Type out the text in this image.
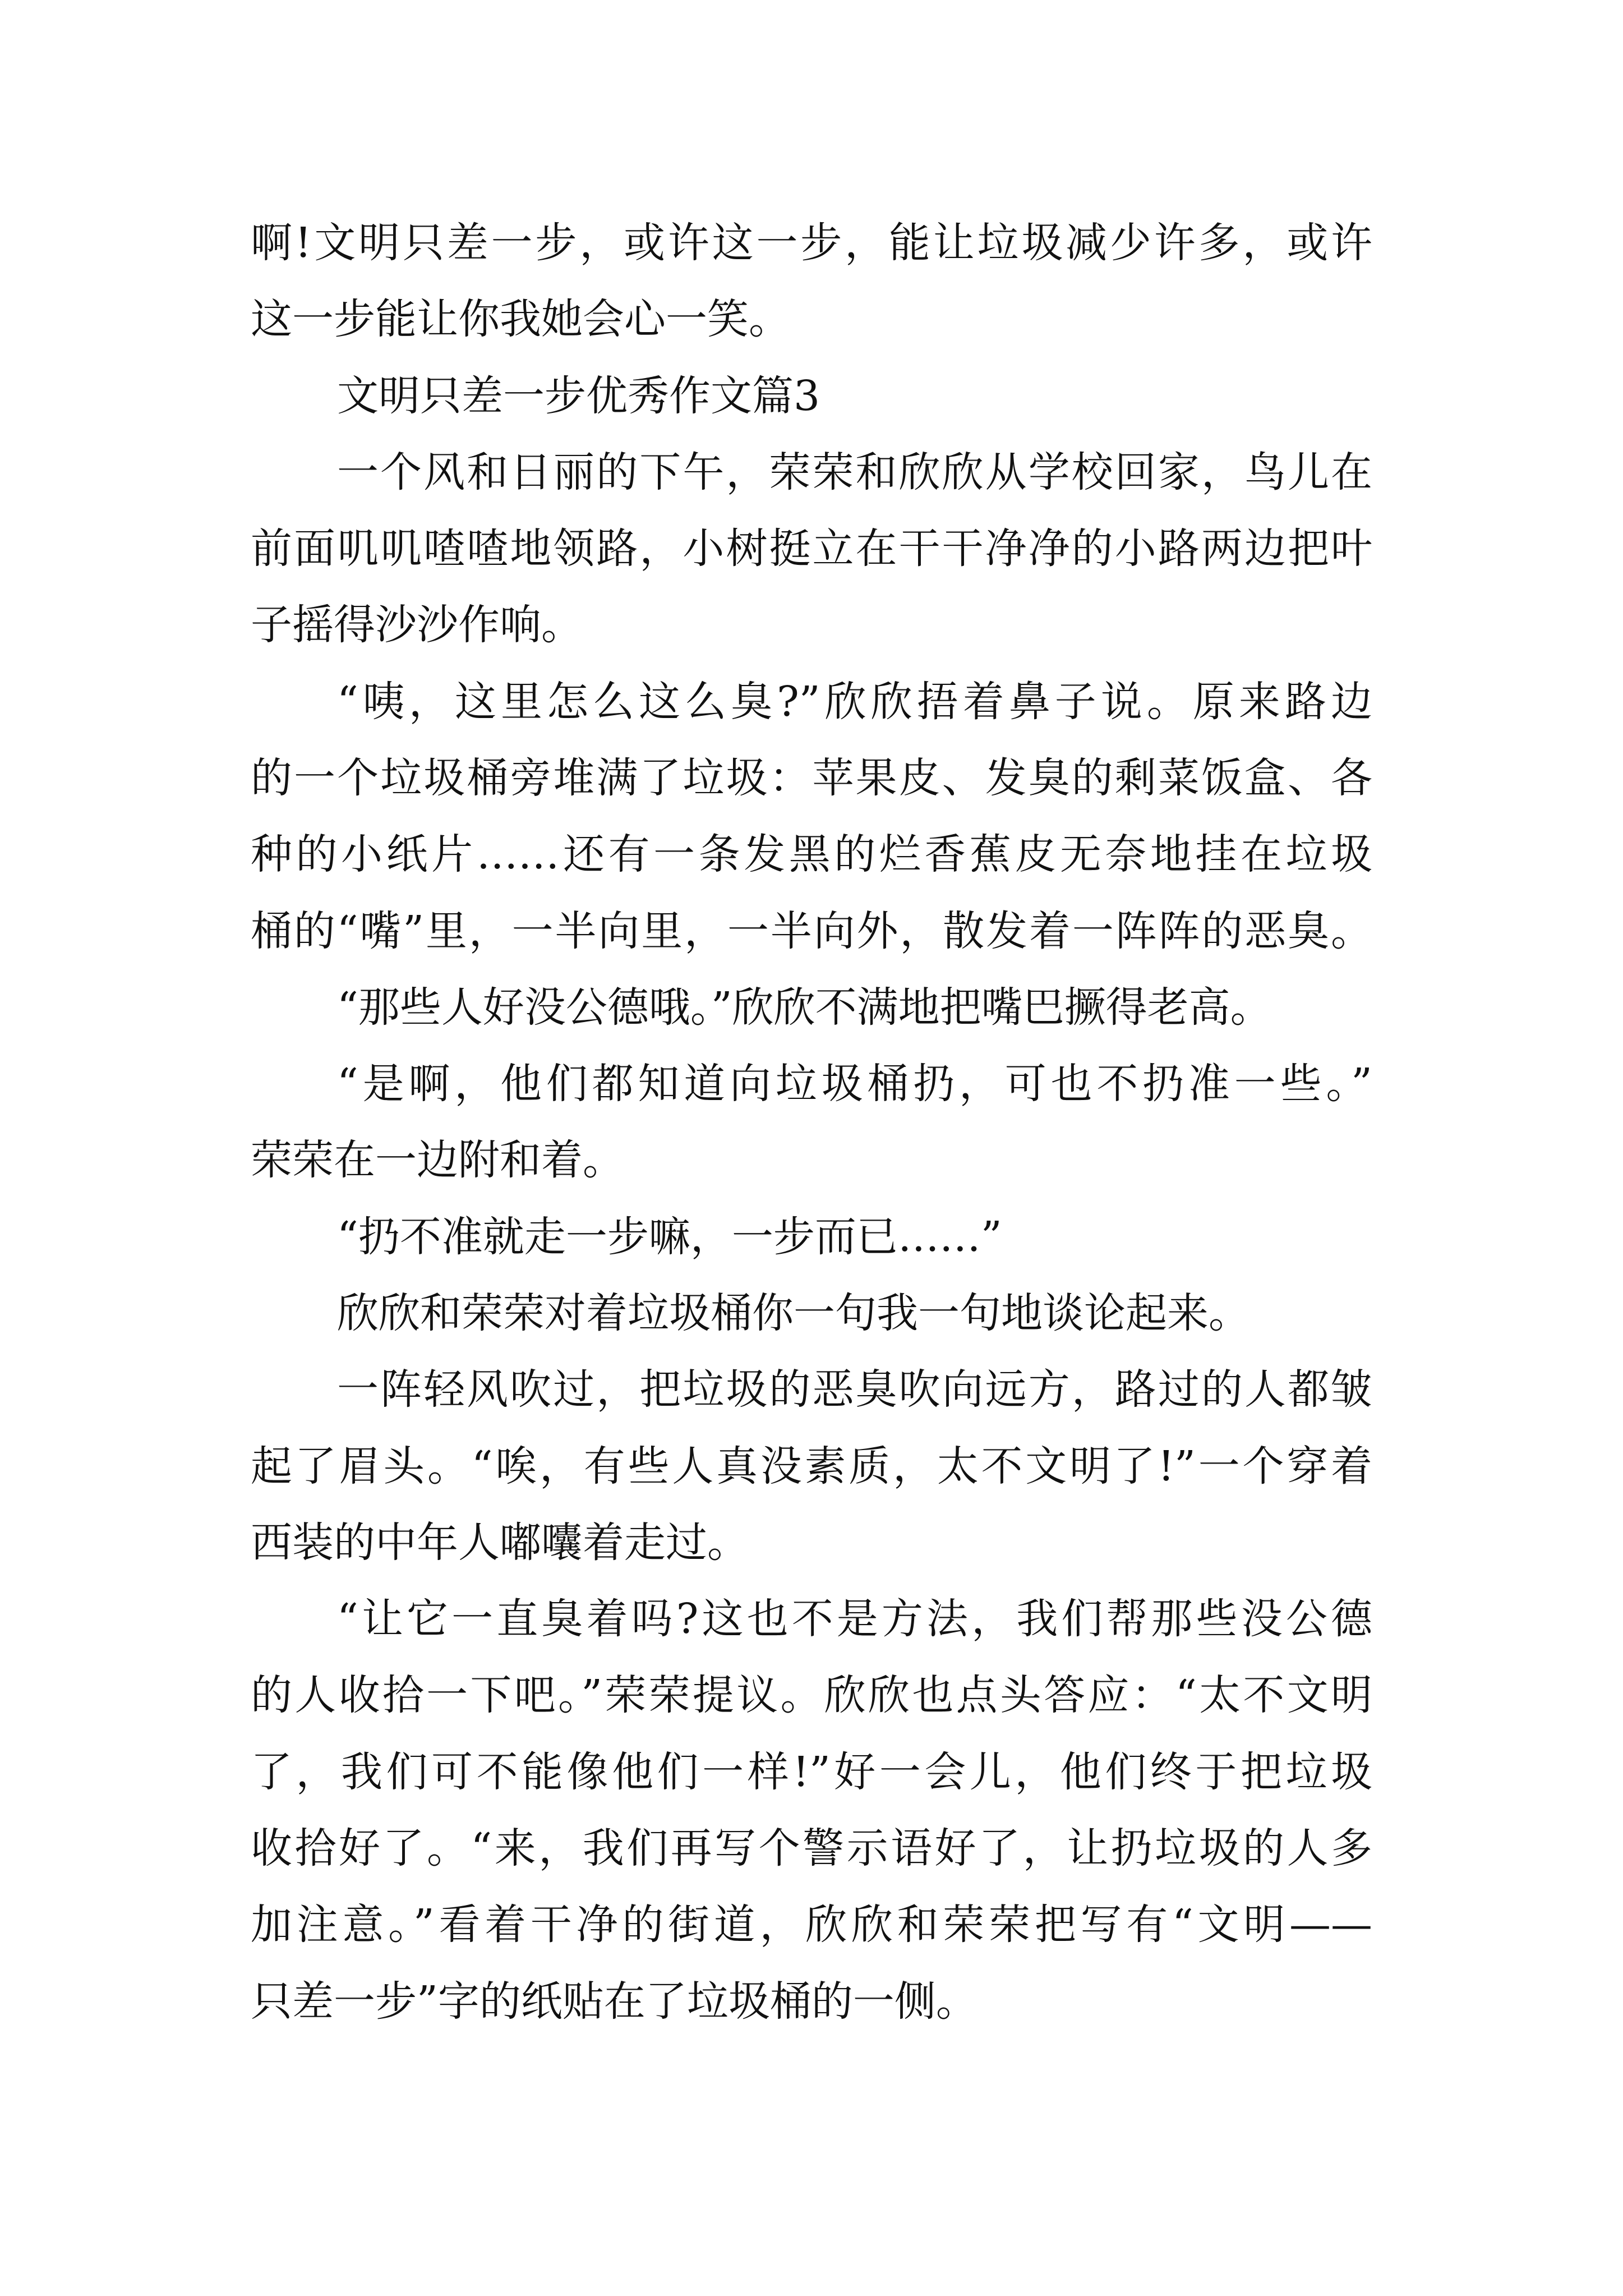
啊!文明只差一步，或许这一步，能让垃圾减少许多，或许

这一步能让你我她会心一笑。

文明只差一步优秀作文篇3

一个风和日丽的下午，荣荣和欣欣从学校回家，鸟儿在

前面叽叽喳喳地领路，小树挺立在干干净净的小路两边把叶

子摇得沙沙作响。

“咦，这里怎么这么臭?”欣欣捂着鼻子说。原来路边

的一个垃圾桶旁堆满了垃圾：苹果皮、发臭的剩菜饭盒、各

种的小纸片……还有一条发黑的烂香蕉皮无奈地挂在垃圾

桶的“嘴”里，一半向里，一半向外，散发着一阵阵的恶臭。

“那些人好没公德哦。”欣欣不满地把嘴巴撅得老高。

“是啊，他们都知道向垃圾桶扔，可也不扔准一些。”

荣荣在一边附和着。

“扔不准就走一步嘛，一步而已……”

欣欣和荣荣对着垃圾桶你一句我一句地谈论起来。

一阵轻风吹过，把垃圾的恶臭吹向远方，路过的人都皱

起了眉头。“唉，有些人真没素质，太不文明了!”一个穿着

西装的中年人嘟囔着走过。

“让它一直臭着吗?这也不是方法，我们帮那些没公德

的人收拾一下吧。”荣荣提议。欣欣也点头答应：“太不文明

了，我们可不能像他们一样!”好一会儿，他们终于把垃圾

收拾好了。“来，我们再写个警示语好了，让扔垃圾的人多

加注意。”看着干净的街道，欣欣和荣荣把写有“文明——

只差一步”字的纸贴在了垃圾桶的一侧。
